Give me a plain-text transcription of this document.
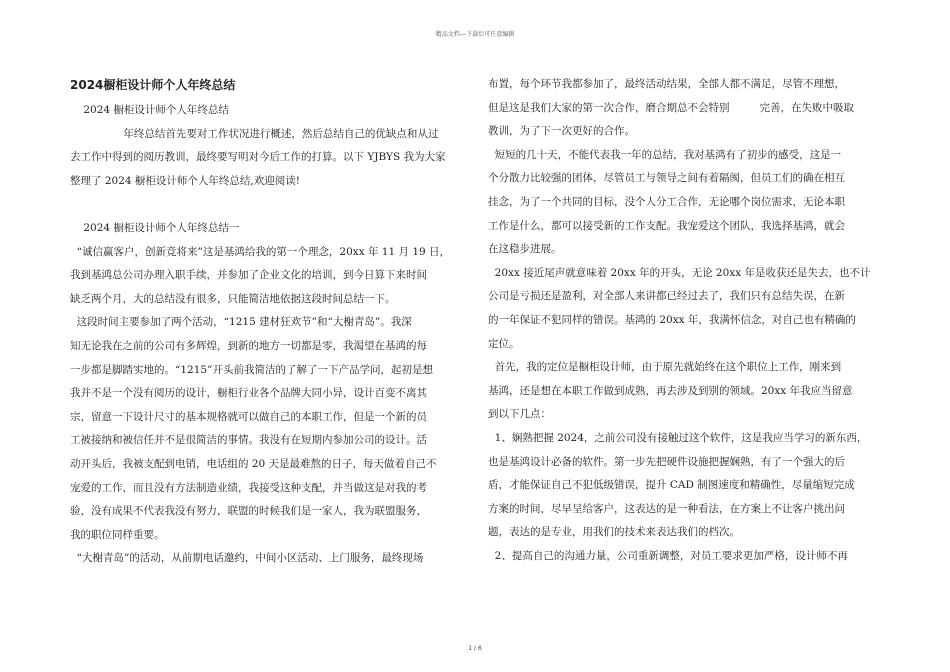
精品文档---下载后可任意编辑
2024橱柜设计师个人年终总结
2024 橱柜设计师个人年终总结
年终总结首先要对工作状况进行概述，然后总结自己的优缺点和从过
去工作中得到的阅历教训，最终要写明对今后工作的打算。以下 YJBYS 我为大家
整理了 2024 橱柜设计师个人年终总结,欢迎阅读!
2024 橱柜设计师个人年终总结一
“诚信赢客户，创新竞将来”这是基鸿给我的第一个理念，20xx 年 11 月 19 日，
我到基鸿总公司办理入职手续，并参加了企业文化的培训，到今日算下来时间
缺乏两个月，大的总结没有很多，只能简洁地依据这段时间总结一下。
这段时间主要参加了两个活动，“1215 建材狂欢节”和“大榭青岛”。我深
知无论我在之前的公司有多辉煌，到新的地方一切都是零，我渴望在基鸿的每
一步都是脚踏实地的。“1215”开头前我简洁的了解了一下产品学问，起初是想
我并不是一个没有阅历的设计，橱柜行业各个品牌大同小异，设计百变不离其
宗，留意一下设计尺寸的基本规格就可以做自己的本职工作，但是一个新的员
工被接纳和被信任并不是很简洁的事情。我没有在短期内参加公司的设计。活
动开头后，我被支配到电销，电话组的 20 天是最难熬的日子，每天做着自己不
宠爱的工作，而且没有方法制造业绩，我接受这种支配，并当做这是对我的考
验，没有成果不代表我没有努力，联盟的时候我们是一家人，我为联盟服务，
我的职位同样重要。
“大榭青岛”的活动，从前期电话邀约，中间小区活动、上门服务，最终现场
布置，每个环节我都参加了，最终活动结果，全部人都不满足，尽管不理想，
但是这是我们大家的第一次合作，磨合期总不会特别         完善，在失败中吸取
教训，为了下一次更好的合作。
短短的几十天，不能代表我一年的总结，我对基鸿有了初步的感受，这是一
个分散力比较强的团体，尽管员工与领导之间有着隔阂，但员工们的确在相互
挂念，为了一个共同的目标，没个人分工合作，无论哪个岗位需求，无论本职
工作是什么，都可以接受新的工作支配。我宠爱这个团队，我选择基鸿，就会
在这稳步进展。
20xx 接近尾声就意味着 20xx 年的开头，无论 20xx 年是收获还是失去，也不计
公司是亏损还是盈利，对全部人来讲都已经过去了，我们只有总结失误，在新
的一年保证不犯同样的错误。基鸿的 20xx 年，我满怀信念，对自己也有精确的
定位。
首先，我的定位是橱柜设计师，由于原先就始终在这个职位上工作，刚来到
基鸿，还是想在本职工作做到成熟，再去涉及到别的领域。20xx 年我应当留意
到以下几点：
1、娴熟把握 2024，之前公司没有接触过这个软件，这是我应当学习的新东西，
也是基鸿设计必备的软件。第一步先把硬件设施把握娴熟，有了一个强大的后
盾，才能保证自己不犯低级错误，提升 CAD 制图速度和精确性，尽量缩短完成
方案的时间，尽早呈给客户，这表达的是一种看法，在方案上不让客户挑出问
题，表达的是专业，用我们的技术来表达我们的档次。
2、提高自己的沟通力量，公司重新调整，对员工要求更加严格，设计师不再
1 / 6
